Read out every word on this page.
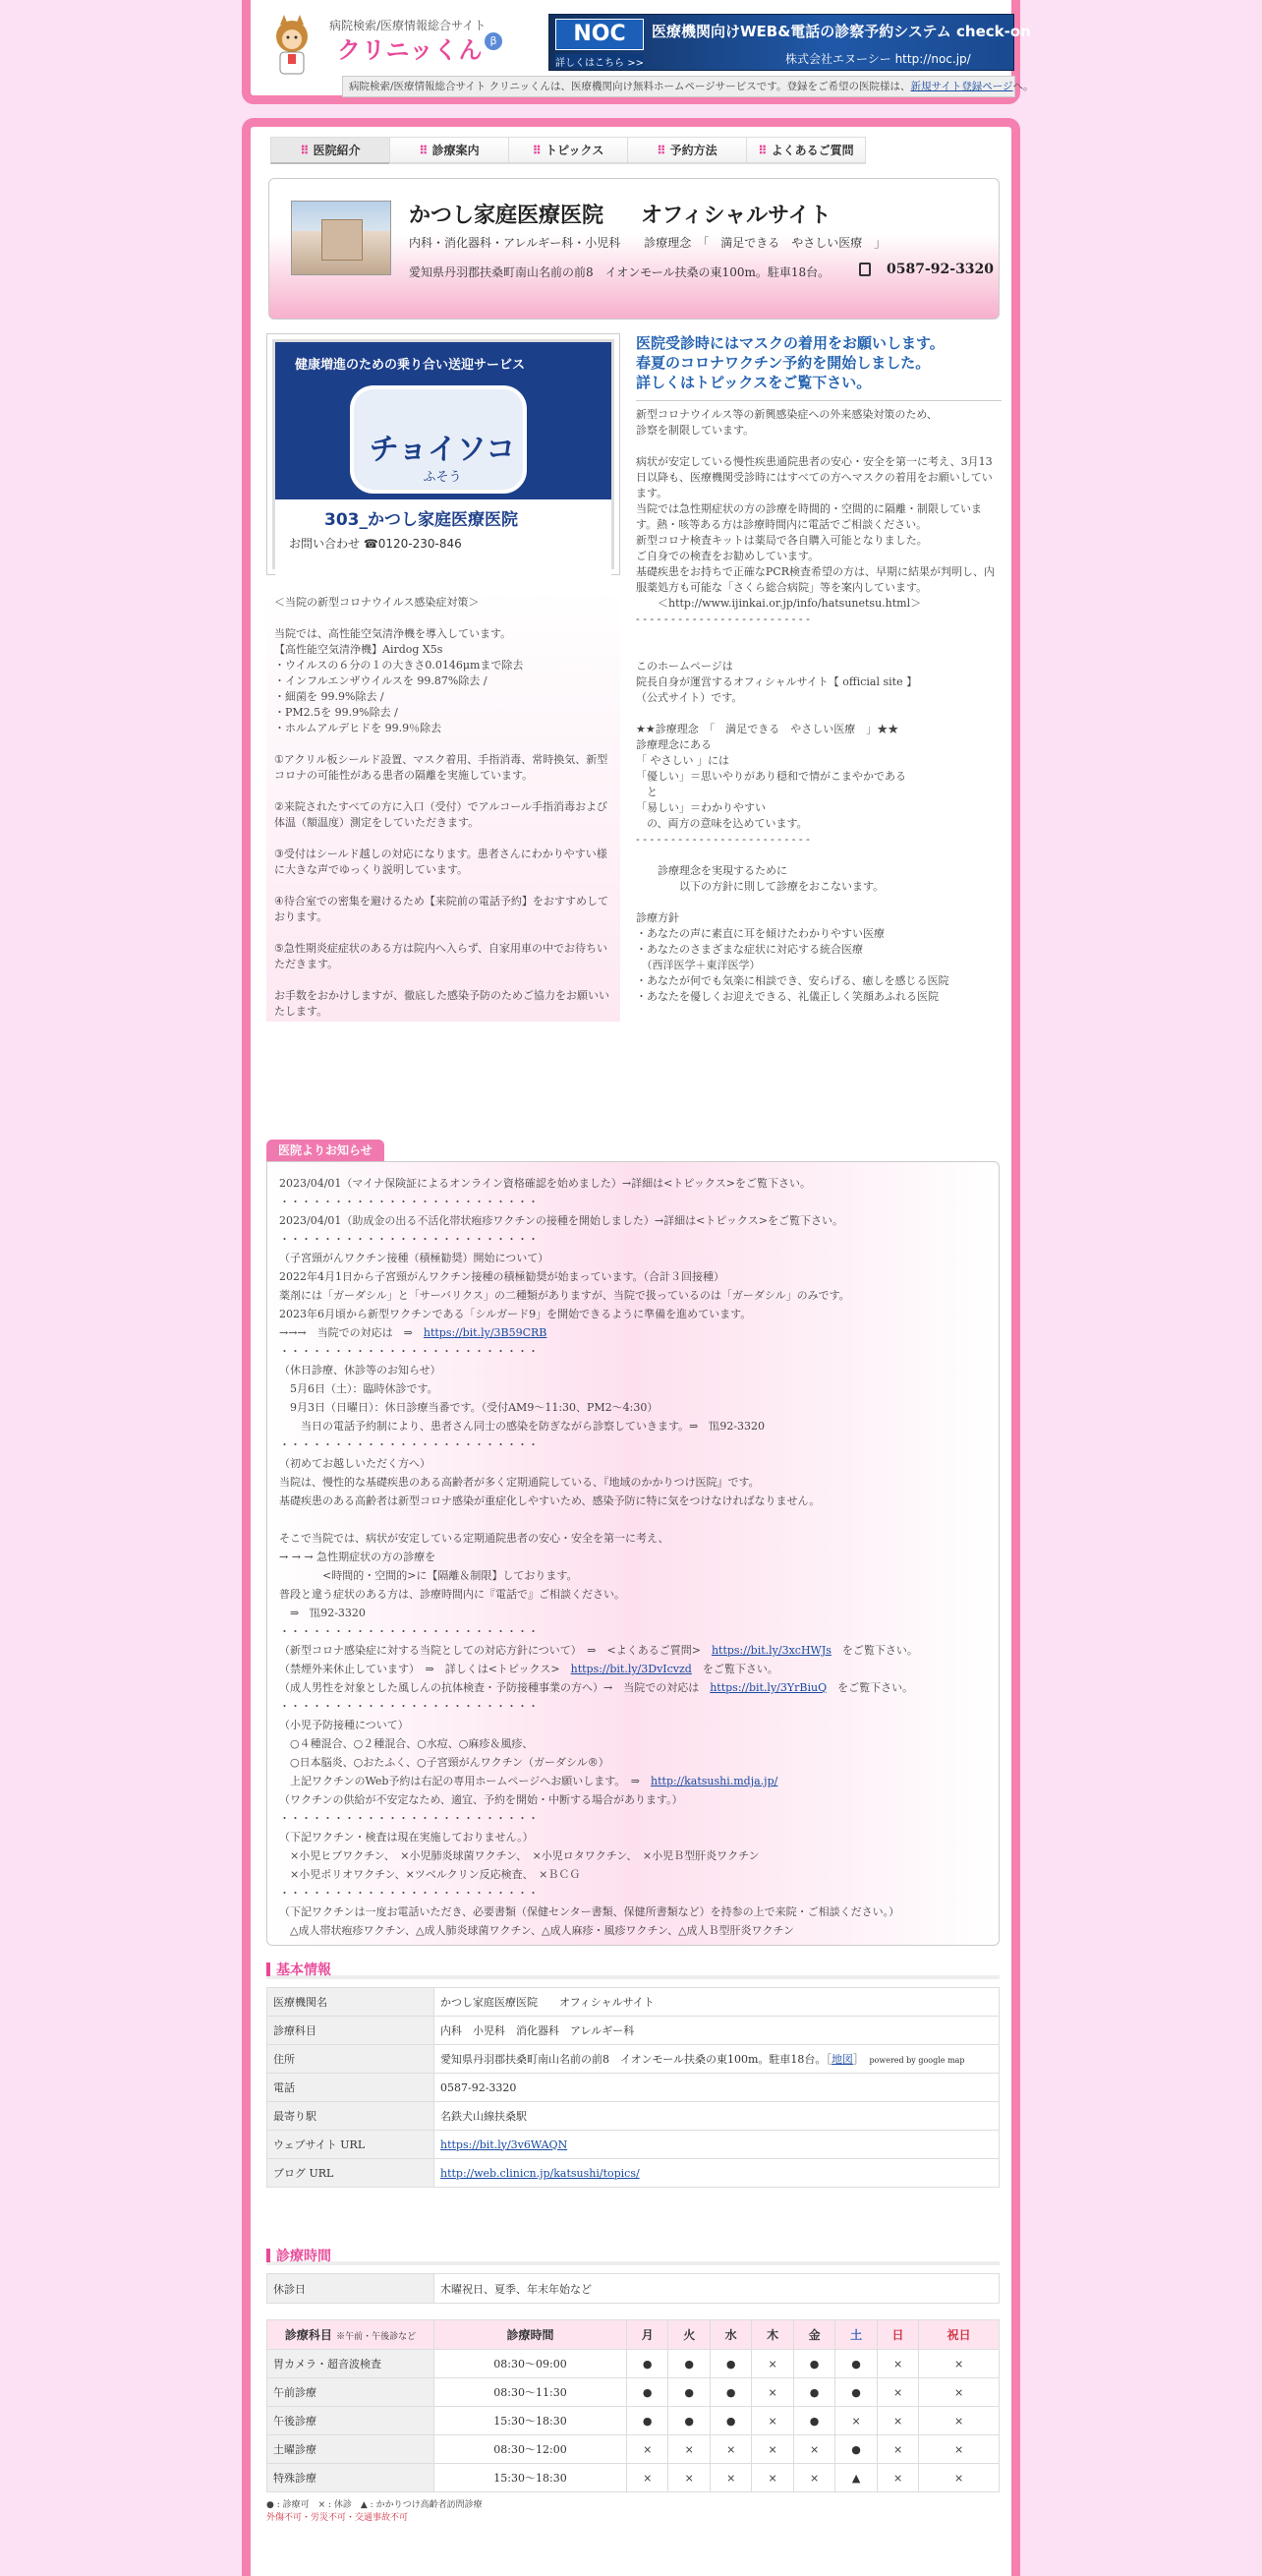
病院検索/医療情報総合サイト
クリニッくん β	NOC
詳しくはこちら >>
医療機関向けWEB&電話の診察予約システム check-on
株式会社エヌーシー http://noc.jp/
病院検索/医療情報総合サイト クリニッくんは、医療機関向け無料ホームページサービスです。登録をご希望の医院様は、新規サイト登録ページへ。
⠿ 医院紹介	⠿ 診療案内	⠿ トピックス	⠿ 予約方法	⠿ よくあるご質問
かつし家庭医療医院 オフィシャルサイト
内科・消化器科・アレルギー科・小児科　　診療理念　「　満足できる　やさしい医療　」
愛知県丹羽郡扶桑町南山名前の前8　イオンモール扶桑の東100m。駐車18台。	0587-92-3320
健康増進のための乗り合い送迎サービス
チョイソコ
ふそう
303_かつし家庭医療医院
お問い合わせ ☎0120-230-846
＜当院の新型コロナウイルス感染症対策＞

当院では、高性能空気清浄機を導入しています。
【高性能空気清浄機】Airdog X5s
・ウイルスの６分の１の大きさ0.0146μmまで除去
・インフルエンザウイルスを 99.87%除去 /
・細菌を 99.9%除去 /
・PM2.5を 99.9%除去 /
・ホルムアルデヒドを 99.9％除去

①アクリル板シールド設置、マスク着用、手指消毒、常時換気、新型コロナの可能性がある患者の隔離を実施しています。

②来院されたすべての方に入口（受付）でアルコール手指消毒および体温（額温度）測定をしていただきます。

③受付はシールド越しの対応になります。患者さんにわかりやすい様に大きな声でゆっくり説明しています。

④待合室での密集を避けるため【来院前の電話予約】をおすすめしております。

⑤急性期炎症症状のある方は院内へ入らず、自家用車の中でお待ちいただきます。

お手数をおかけしますが、徹底した感染予防のためご協力をお願いいたします。
医院受診時にはマスクの着用をお願いします。
春夏のコロナワクチン予約を開始しました。
詳しくはトピックスをご覧下さい。
新型コロナウイルス等の新興感染症への外来感染対策のため、
診察を制限しています。

病状が安定している慢性疾患通院患者の安心・安全を第一に考え、3月13日以降も、医療機関受診時にはすべての方へマスクの着用をお願いしています。
当院では急性期症状の方の診療を時間的・空間的に隔離・制限しています。熱・咳等ある方は診療時間内に電話でご相談ください。
新型コロナ検査キットは薬局で各自購入可能となりました。
ご自身での検査をお勧めしています。
基礎疾患をお持ちで正確なPCR検査希望の方は、早期に結果が判明し、内服薬処方も可能な「さくら総合病院」等を案内しています。
　　＜http://www.ijinkai.or.jp/info/hatsunetsu.html＞
- - - - - - - - - - - - - - - - - - - - - - - - -

このホームページは
院長自身が運営するオフィシャルサイト【 official site 】
（公式サイト）です。

★★診療理念　「　満足できる　やさしい医療　」★★
診療理念にある
「 やさしい 」には
「優しい」＝思いやりがあり穏和で情がこまやかである
　と
「易しい」＝わかりやすい
　の、両方の意味を込めています。
- - - - - - - - - - - - - - - - - - - - - - - - -

　　診療理念を実現するために
　　　　以下の方針に則して診療をおこないます。

診療方針
・あなたの声に素直に耳を傾けたわかりやすい医療
・あなたのさまざまな症状に対応する統合医療
　（西洋医学＋東洋医学）
・あなたが何でも気楽に相談でき、安らげる、癒しを感じる医院
・あなたを優しくお迎えできる、礼儀正しく笑顔あふれる医院
医院よりお知らせ
2023/04/01（マイナ保険証によるオンライン資格確認を始めました）→詳細は<トピックス>をご覧下さい。
・・・・・・・・・・・・・・・・・・・・・・・・
2023/04/01（助成金の出る不活化帯状疱疹ワクチンの接種を開始しました）→詳細は<トピックス>をご覧下さい。
・・・・・・・・・・・・・・・・・・・・・・・・
（子宮頸がんワクチン接種（積極勧奨）開始について）
2022年4月1日から子宮頸がんワクチン接種の積極勧奨が始まっています。（合計３回接種）
薬剤には「ガーダシル」と「サーバリクス」の二種類がありますが、当院で扱っているのは「ガーダシル」のみです。
2023年6月頃から新型ワクチンである「シルガード9」を開始できるように準備を進めています。
→→→　当院での対応は　⇒　https://bit.ly/3B59CRB
・・・・・・・・・・・・・・・・・・・・・・・・
（休日診療、休診等のお知らせ）
　5月6日（土）：臨時休診です。
　9月3日（日曜日）：休日診療当番です。（受付AM9～11:30、PM2～4:30）
　　当日の電話予約制により、患者さん同士の感染を防ぎながら診察していきます。⇒　℡92-3320
・・・・・・・・・・・・・・・・・・・・・・・・
（初めてお越しいただく方へ）
当院は、慢性的な基礎疾患のある高齢者が多く定期通院している、『地域のかかりつけ医院』です。
基礎疾患のある高齢者は新型コロナ感染が重症化しやすいため、感染予防に特に気をつけなければなりません。

そこで当院では、病状が安定している定期通院患者の安心・安全を第一に考え、
→ → → 急性期症状の方の診療を
　　　　<時間的・空間的>に【隔離＆制限】しております。
普段と違う症状のある方は、診療時間内に『電話で』ご相談ください。
　⇒　℡92-3320
・・・・・・・・・・・・・・・・・・・・・・・・
（新型コロナ感染症に対する当院としての対応方針について）　⇒　<よくあるご質問>　https://bit.ly/3xcHWJs　をご覧下さい。
（禁煙外来休止しています）　⇒　詳しくは<トピックス>　https://bit.ly/3DvIcvzd　をご覧下さい。
（成人男性を対象とした風しんの抗体検査・予防接種事業の方へ）→　当院での対応は　https://bit.ly/3YrBiuQ　をご覧下さい。
・・・・・・・・・・・・・・・・・・・・・・・・
（小児予防接種について）
　○４種混合、○２種混合、○水痘、○麻疹＆風疹、
　○日本脳炎、○おたふく、○子宮頸がんワクチン（ガーダシル®）
　上記ワクチンのWeb予約は右記の専用ホームページへお願いします。　⇒　http://katsushi.mdja.jp/
（ワクチンの供給が不安定なため、適宜、予約を開始・中断する場合があります。）
・・・・・・・・・・・・・・・・・・・・・・・・
（下記ワクチン・検査は現在実施しておりません。）
　×小児ヒブワクチン、　×小児肺炎球菌ワクチン、　×小児ロタワクチン、　×小児Ｂ型肝炎ワクチン
　×小児ポリオワクチン、×ツベルクリン反応検査、　×ＢＣＧ
・・・・・・・・・・・・・・・・・・・・・・・・
（下記ワクチンは一度お電話いただき、必要書類（保健センター書類、保健所書類など）を持参の上で来院・ご相談ください。）
　△成人帯状疱疹ワクチン、△成人肺炎球菌ワクチン、△成人麻疹・風疹ワクチン、△成人Ｂ型肝炎ワクチン
基本情報
医療機関名	かつし家庭医療医院　　オフィシャルサイト
診療科目	内科　小児科　消化器科　アレルギー科
住所	愛知県丹羽郡扶桑町南山名前の前8　イオンモール扶桑の東100m。駐車18台。［地図］　 powered by google map
電話	0587-92-3320
最寄り駅	名鉄犬山線扶桑駅
ウェブサイト URL	https://bit.ly/3v6WAQN
ブログ URL	http://web.clinicn.jp/katsushi/topics/
診療時間
休診日	木曜祝日、夏季、年末年始など
診療科目 ※午前・午後診など	診療時間	月	火	水	木	金	土	日	祝日
胃カメラ・超音波検査	08:30～09:00	●	●	●	×	●	●	×	×
午前診療	08:30～11:30	●	●	●	×	●	●	×	×
午後診療	15:30～18:30	●	●	●	×	●	×	×	×
土曜診療	08:30～12:00	×	×	×	×	×	●	×	×
特殊診療	15:30～18:30	×	×	×	×	×	▲	×	×
● : 診療可　× : 休診　▲ : かかりつけ高齢者訪問診療
外傷不可・労災不可・交通事故不可
